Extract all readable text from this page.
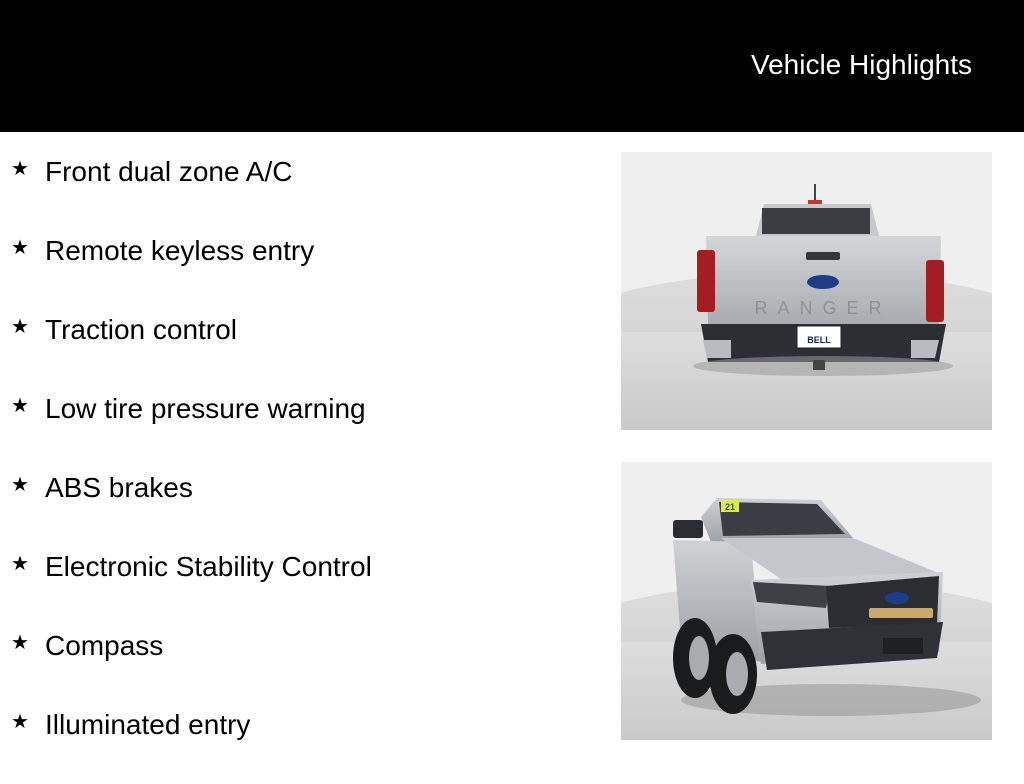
Vehicle Highlights
★ Front dual zone A/C
★ Remote keyless entry
★ Traction control
★ Low tire pressure warning
★ ABS brakes
★ Electronic Stability Control
★ Compass
★ Illuminated entry
RANGER
BELL
21
